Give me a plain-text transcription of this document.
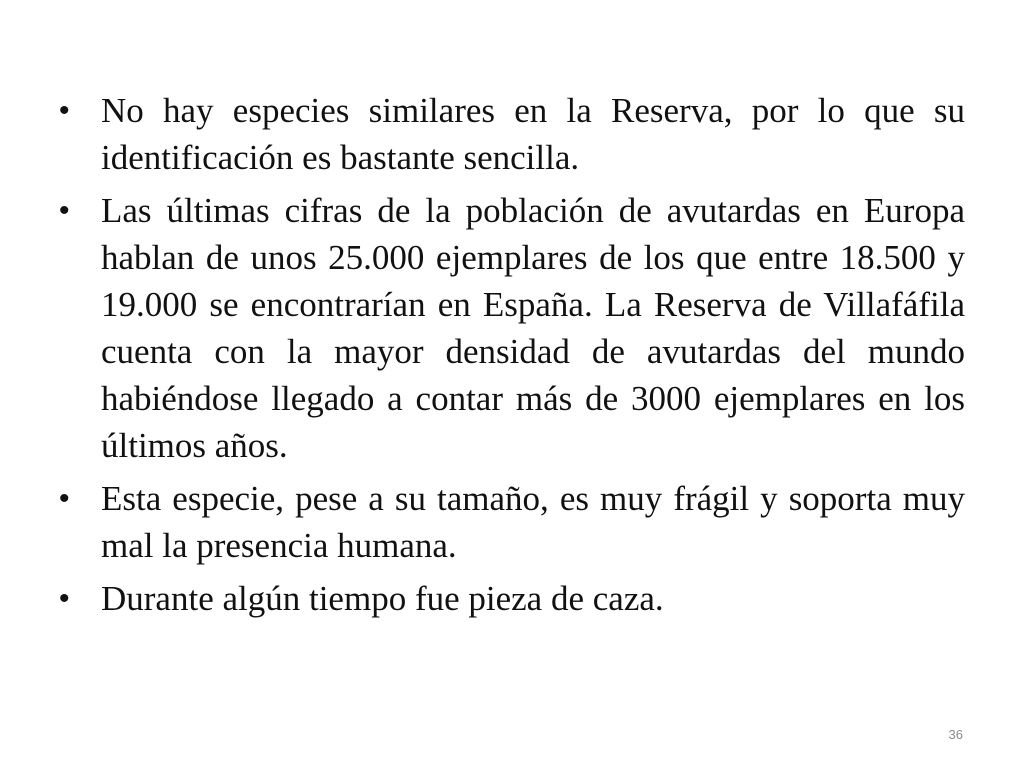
• No hay especies similares en la Reserva, por lo que su identificación es bastante sencilla.
• Las últimas cifras de la población de avutardas en Europa hablan de unos 25.000 ejemplares de los que entre 18.500 y 19.000 se encontrarían en España. La Reserva de Villafáfila cuenta con la mayor densidad de avutardas del mundo habiéndose llegado a contar más de 3000 ejemplares en los últimos años.
• Esta especie, pese a su tamaño, es muy frágil y soporta muy mal la presencia humana.
• Durante algún tiempo fue pieza de caza.
36
